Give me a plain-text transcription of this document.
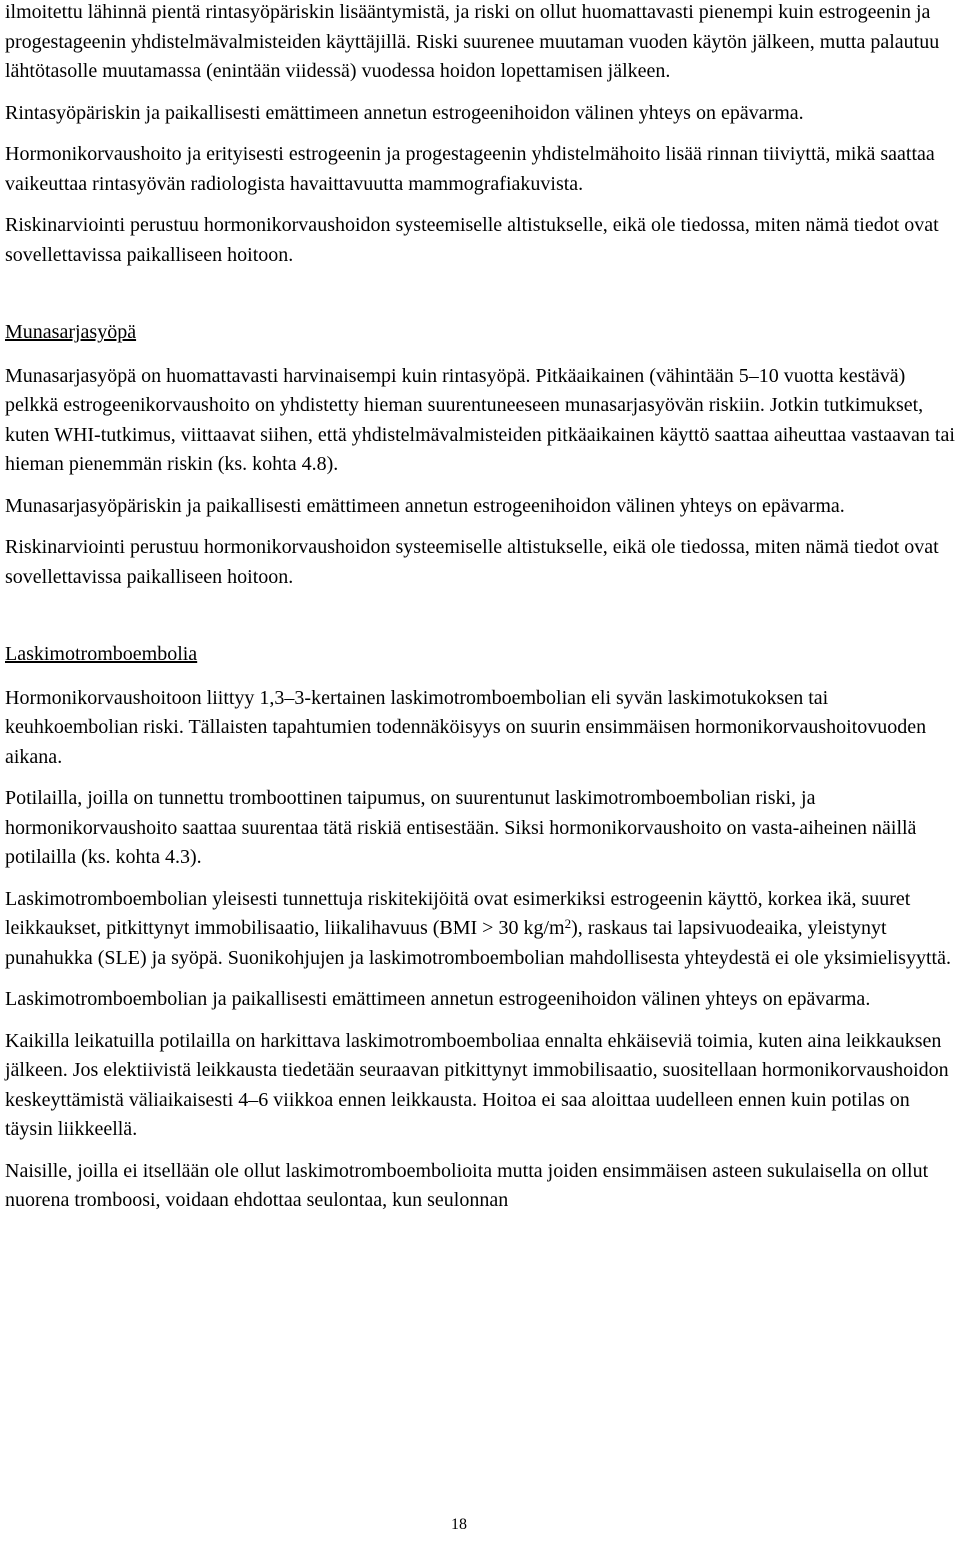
ilmoitettu lähinnä pientä rintasyöpäriskin lisääntymistä, ja riski on ollut huomattavasti pienempi kuin estrogeenin ja progestageenin yhdistelmävalmisteiden käyttäjillä. Riski suurenee muutaman vuoden käytön jälkeen, mutta palautuu lähtötasolle muutamassa (enintään viidessä) vuodessa hoidon lopettamisen jälkeen.

Rintasyöpäriskin ja paikallisesti emättimeen annetun estrogeenihoidon välinen yhteys on epävarma.

Hormonikorvaushoito ja erityisesti estrogeenin ja progestageenin yhdistelmähoito lisää rinnan tiiviyttä, mikä saattaa vaikeuttaa rintasyövän radiologista havaittavuutta mammografiakuvista.

Riskinarviointi perustuu hormonikorvaushoidon systeemiselle altistukselle, eikä ole tiedossa, miten nämä tiedot ovat sovellettavissa paikalliseen hoitoon.

Munasarjasyöpä

Munasarjasyöpä on huomattavasti harvinaisempi kuin rintasyöpä. Pitkäaikainen (vähintään 5–10 vuotta kestävä) pelkkä estrogeenikorvaushoito on yhdistetty hieman suurentuneeseen munasarjasyövän riskiin. Jotkin tutkimukset, kuten WHI-tutkimus, viittaavat siihen, että yhdistelmävalmisteiden pitkäaikainen käyttö saattaa aiheuttaa vastaavan tai hieman pienemmän riskin (ks. kohta 4.8).

Munasarjasyöpäriskin ja paikallisesti emättimeen annetun estrogeenihoidon välinen yhteys on epävarma.

Riskinarviointi perustuu hormonikorvaushoidon systeemiselle altistukselle, eikä ole tiedossa, miten nämä tiedot ovat sovellettavissa paikalliseen hoitoon.

Laskimotromboembolia

Hormonikorvaushoitoon liittyy 1,3–3-kertainen laskimotromboembolian eli syvän laskimotukoksen tai keuhkoembolian riski. Tällaisten tapahtumien todennäköisyys on suurin ensimmäisen hormonikorvaushoitovuoden aikana.

Potilailla, joilla on tunnettu tromboottinen taipumus, on suurentunut laskimotromboembolian riski, ja hormonikorvaushoito saattaa suurentaa tätä riskiä entisestään. Siksi hormonikorvaushoito on vasta-aiheinen näillä potilailla (ks. kohta 4.3).

Laskimotromboembolian yleisesti tunnettuja riskitekijöitä ovat esimerkiksi estrogeenin käyttö, korkea ikä, suuret leikkaukset, pitkittynyt immobilisaatio, liikalihavuus (BMI > 30 $kg/m^2$), raskaus tai lapsivuodeaika, yleistynyt punahukka (SLE) ja syöpä. Suonikohjujen ja laskimotromboembolian mahdollisesta yhteydestä ei ole yksimielisyyttä.

Laskimotromboembolian ja paikallisesti emättimeen annetun estrogeenihoidon välinen yhteys on epävarma.

Kaikilla leikatuilla potilailla on harkittava laskimotromboemboliaa ennalta ehkäiseviä toimia, kuten aina leikkauksen jälkeen. Jos elektiivistä leikkausta tiedetään seuraavan pitkittynyt immobilisaatio, suositellaan hormonikorvaushoidon keskeyttämistä väliaikaisesti 4–6 viikkoa ennen leikkausta. Hoitoa ei saa aloittaa uudelleen ennen kuin potilas on täysin liikkeellä.

Naisille, joilla ei itsellään ole ollut laskimotromboembolioita mutta joiden ensimmäisen asteen sukulaisella on ollut nuorena tromboosi, voidaan ehdottaa seulontaa, kun seulonnan

18
